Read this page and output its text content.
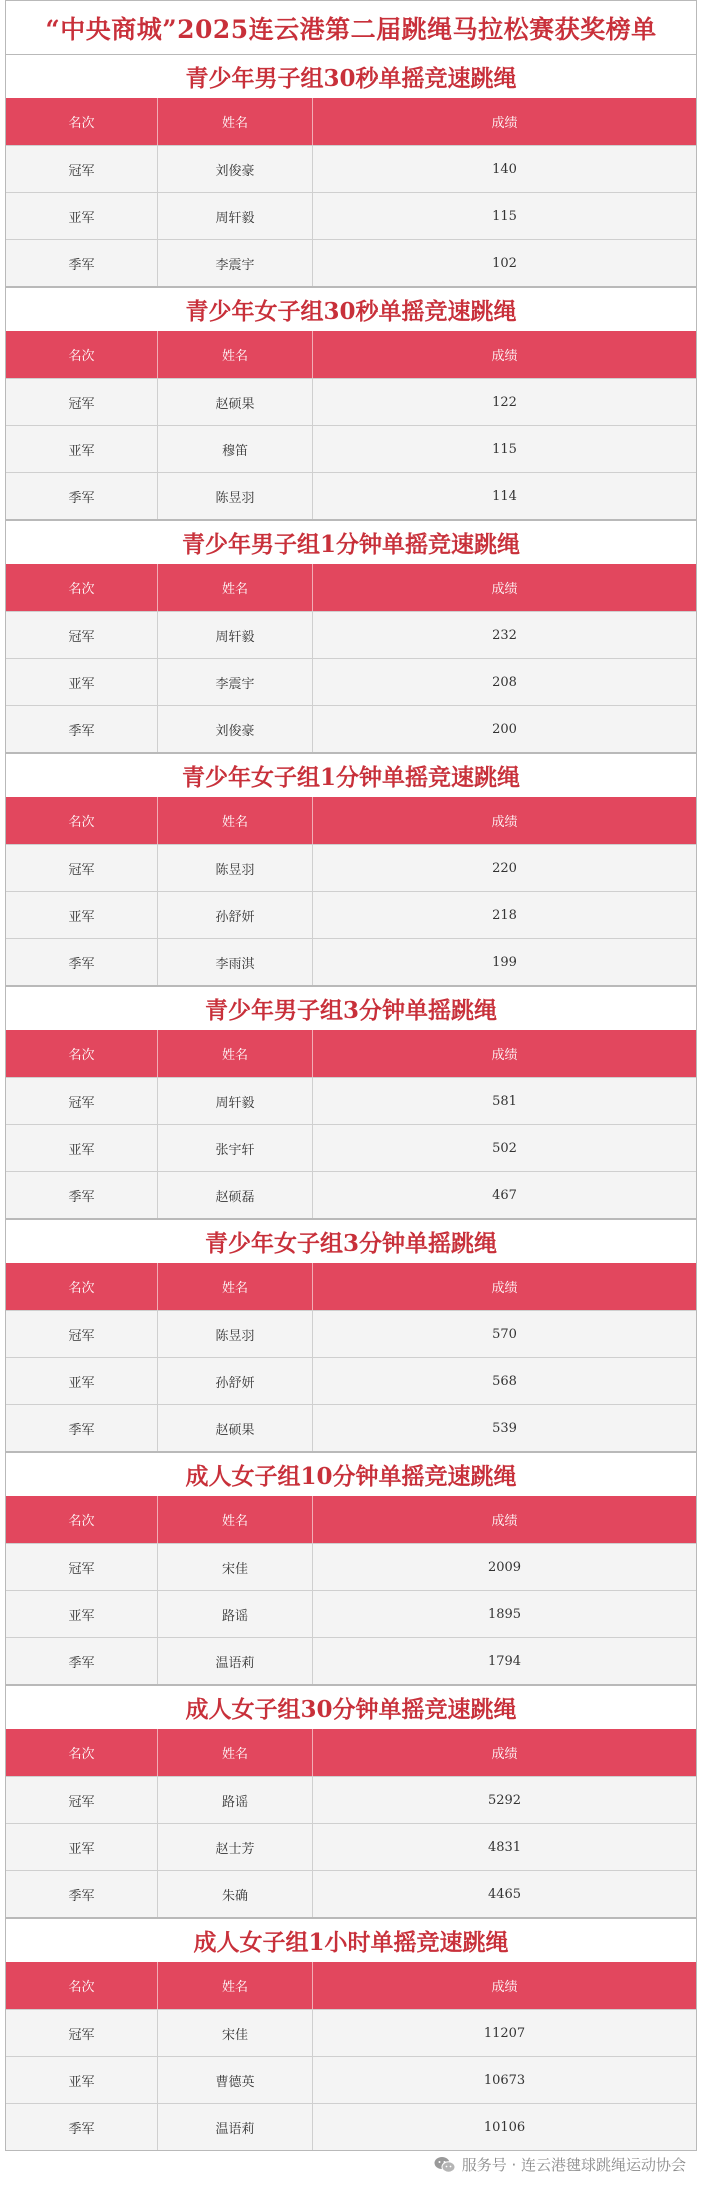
“中央商城”2025连云港第二届跳绳马拉松赛获奖榜单
青少年男子组30秒单摇竞速跳绳
名次	姓名	成绩
冠军	刘俊豪	140
亚军	周轩毅	115
季军	李震宇	102
青少年女子组30秒单摇竞速跳绳
名次	姓名	成绩
冠军	赵硕果	122
亚军	穆笛	115
季军	陈昱羽	114
青少年男子组1分钟单摇竞速跳绳
名次	姓名	成绩
冠军	周轩毅	232
亚军	李震宇	208
季军	刘俊豪	200
青少年女子组1分钟单摇竞速跳绳
名次	姓名	成绩
冠军	陈昱羽	220
亚军	孙舒妍	218
季军	李雨淇	199
青少年男子组3分钟单摇跳绳
名次	姓名	成绩
冠军	周轩毅	581
亚军	张宇轩	502
季军	赵硕磊	467
青少年女子组3分钟单摇跳绳
名次	姓名	成绩
冠军	陈昱羽	570
亚军	孙舒妍	568
季军	赵硕果	539
成人女子组10分钟单摇竞速跳绳
名次	姓名	成绩
冠军	宋佳	2009
亚军	路谣	1895
季军	温语莉	1794
成人女子组30分钟单摇竞速跳绳
名次	姓名	成绩
冠军	路谣	5292
亚军	赵士芳	4831
季军	朱确	4465
成人女子组1小时单摇竞速跳绳
名次	姓名	成绩
冠军	宋佳	11207
亚军	曹德英	10673
季军	温语莉	10106
服务号 · 连云港毽球跳绳运动协会
